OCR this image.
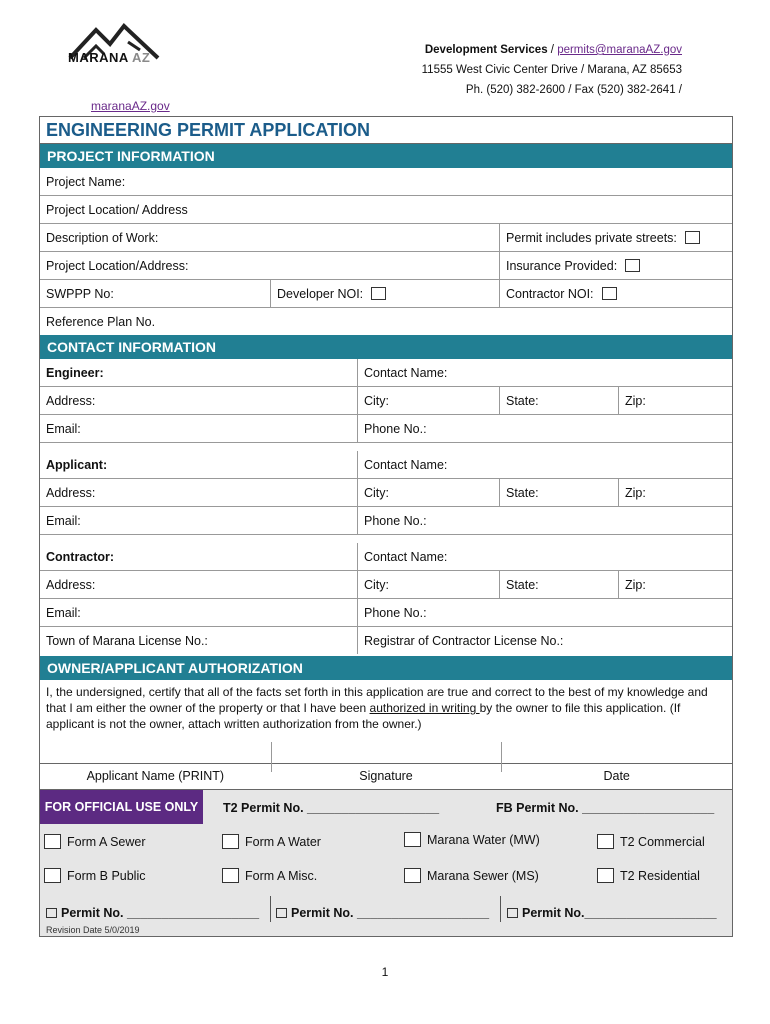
MARANA AZ
maranaAZ.gov
Development Services / permits@maranaAZ.gov
11555 West Civic Center Drive / Marana, AZ 85653
Ph. (520) 382-2600 / Fax (520) 382-2641 /
ENGINEERING PERMIT APPLICATION
PROJECT INFORMATION
Project Name:
Project Location/ Address
Description of Work:	Permit includes private streets:
Project Location/Address:	Insurance Provided:
SWPPP No:	Developer NOI:	Contractor NOI:
Reference Plan No.
CONTACT INFORMATION
Engineer:	Contact Name:
Address:	City:	State:	Zip:
Email:	Phone No.:
Applicant:	Contact Name:
Address:	City:	State:	Zip:
Email:	Phone No.:
Contractor:	Contact Name:
Address:	City:	State:	Zip:
Email:	Phone No.:
Town of Marana License No.:	Registrar of Contractor License No.:
OWNER/APPLICANT AUTHORIZATION
I, the undersigned, certify that all of the facts set forth in this application are true and correct to the best of my knowledge and that I am either the owner of the property or that I have been authorized in writing by the owner to file this application. (If applicant is not the owner, attach written authorization from the owner.)
Applicant Name (PRINT)	Signature	Date
FOR OFFICIAL USE ONLY	T2 Permit No. ___________________	FB Permit No. ___________________
Form A Sewer	Form A Water	Marana Water (MW)	T2 Commercial
Form B Public	Form A Misc.	Marana Sewer (MS)	T2 Residential
Permit No. ___________________	Permit No. ___________________	Permit No.___________________
Revision Date 5/0/2019
1
